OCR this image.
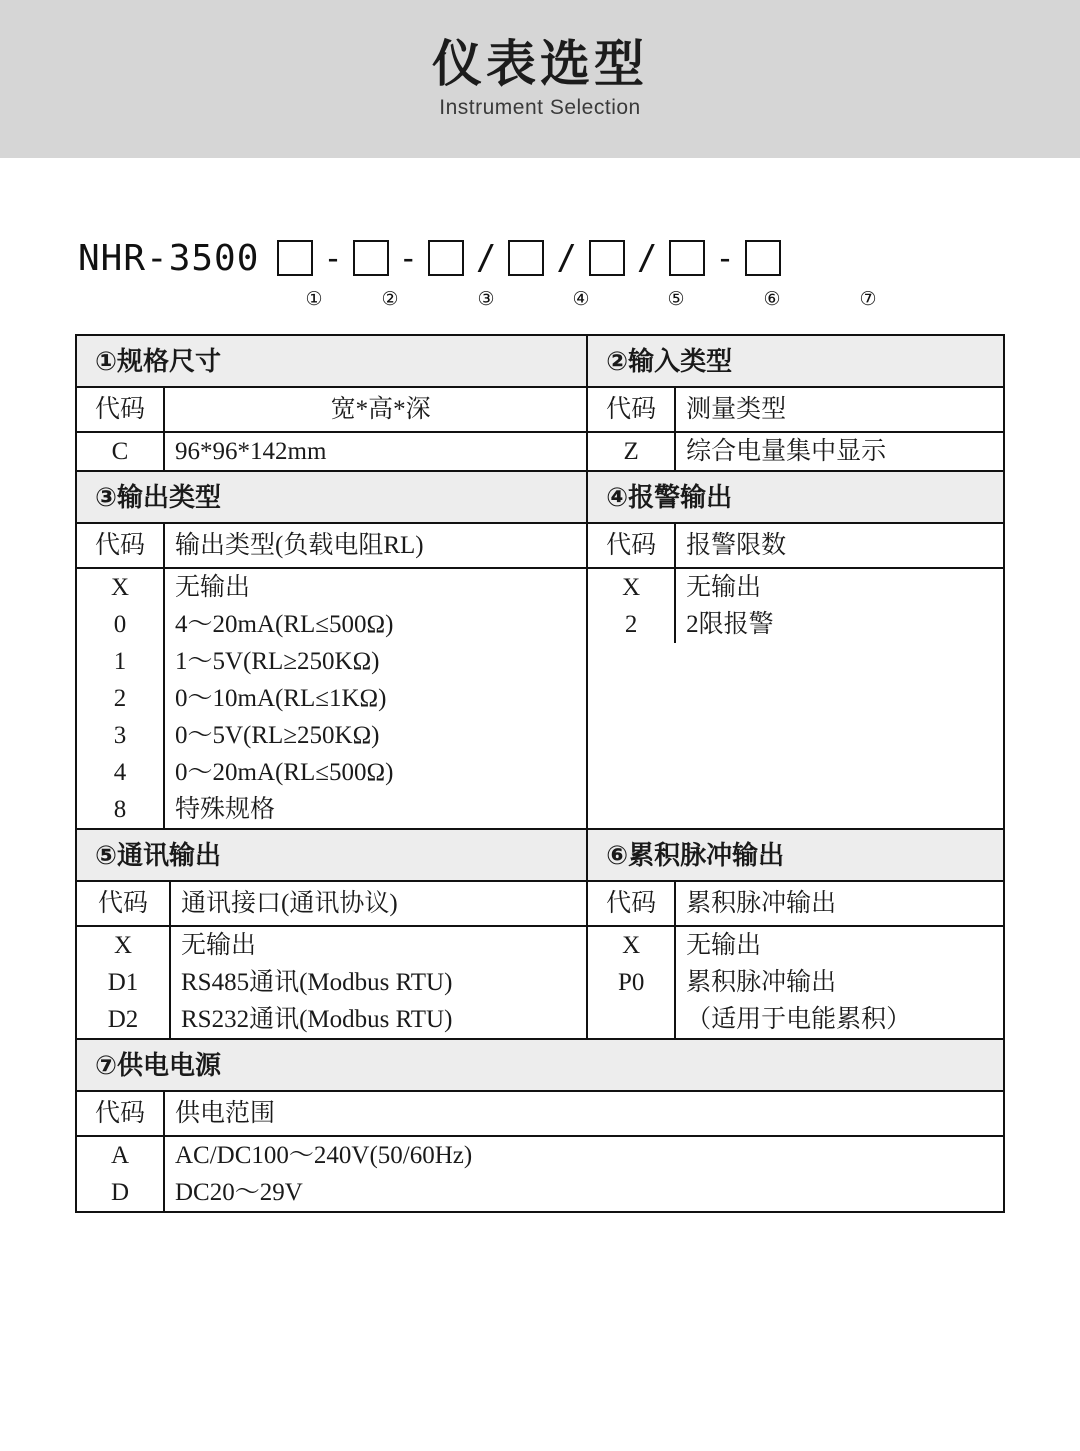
仪表选型
Instrument Selection
NHR-3500 - - / / / -
①	②	③	④	⑤	⑥	⑦
①规格尺寸
代码	宽*高*深
C	96*96*142mm
②输入类型
代码	测量类型
Z	综合电量集中显示
③输出类型
代码	输出类型(负载电阻RL)
X	无输出
0	4～20mA(RL≤500Ω)
1	1～5V(RL≥250KΩ)
2	0～10mA(RL≤1KΩ)
3	0～5V(RL≥250KΩ)
4	0～20mA(RL≤500Ω)
8	特殊规格
④报警输出
代码	报警限数
X	无输出
2	2限报警
⑤通讯输出
代码	通讯接口(通讯协议)
X	无输出
D1	RS485通讯(Modbus RTU)
D2	RS232通讯(Modbus RTU)
⑥累积脉冲输出
代码	累积脉冲输出
X	无输出
P0	累积脉冲输出
	（适用于电能累积）
⑦供电电源
代码	供电范围
A	AC/DC100～240V(50/60Hz)
D	DC20～29V
